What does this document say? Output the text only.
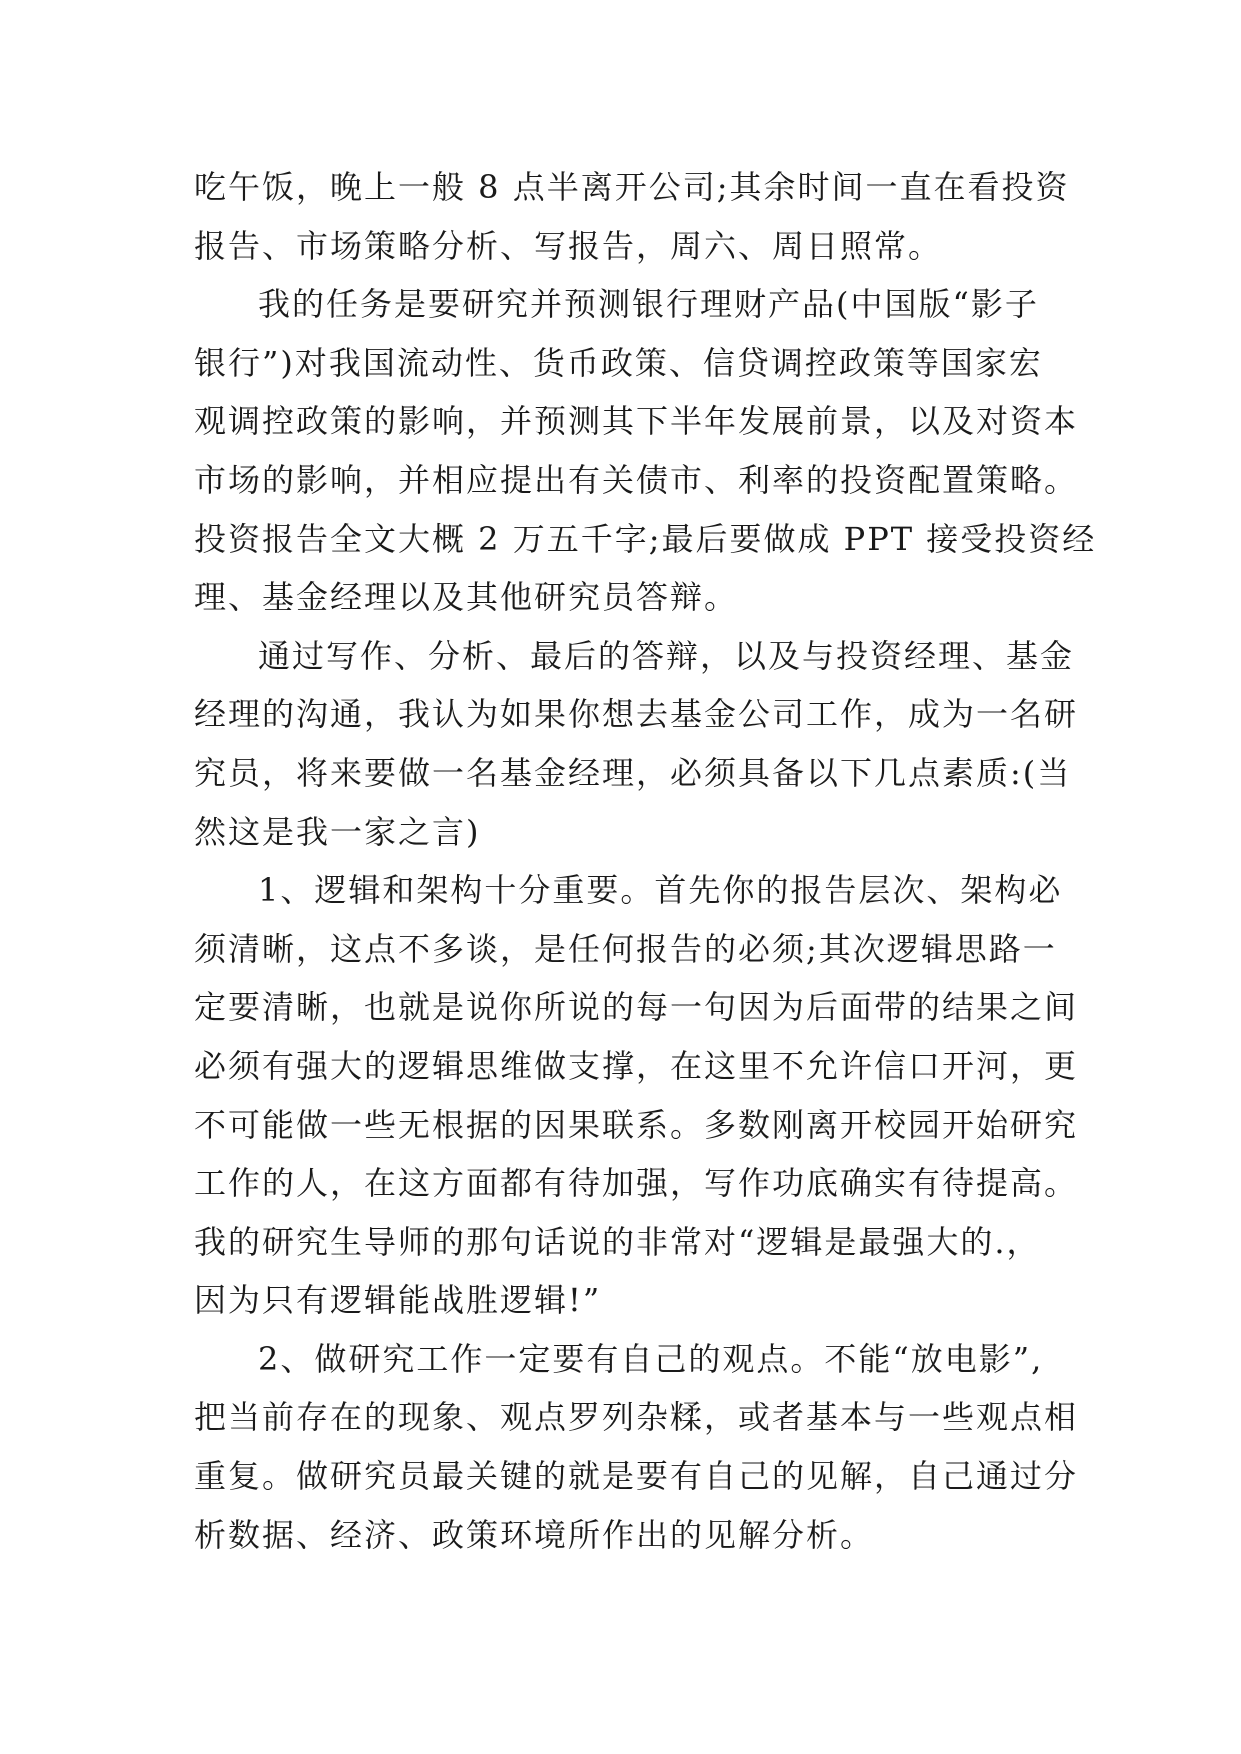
吃午饭，晚上一般 8 点半离开公司;其余时间一直在看投资
报告、市场策略分析、写报告，周六、周日照常。
我的任务是要研究并预测银行理财产品(中国版“影子
银行”)对我国流动性、货币政策、信贷调控政策等国家宏
观调控政策的影响，并预测其下半年发展前景，以及对资本
市场的影响，并相应提出有关债市、利率的投资配置策略。
投资报告全文大概 2 万五千字;最后要做成 PPT 接受投资经
理、基金经理以及其他研究员答辩。
通过写作、分析、最后的答辩，以及与投资经理、基金
经理的沟通，我认为如果你想去基金公司工作，成为一名研
究员，将来要做一名基金经理，必须具备以下几点素质:(当
然这是我一家之言)
1、逻辑和架构十分重要。首先你的报告层次、架构必
须清晰，这点不多谈，是任何报告的必须;其次逻辑思路一
定要清晰，也就是说你所说的每一句因为后面带的结果之间
必须有强大的逻辑思维做支撑，在这里不允许信口开河，更
不可能做一些无根据的因果联系。多数刚离开校园开始研究
工作的人，在这方面都有待加强，写作功底确实有待提高。
我的研究生导师的那句话说的非常对“逻辑是最强大的.，
因为只有逻辑能战胜逻辑!”
2、做研究工作一定要有自己的观点。不能“放电影”,
把当前存在的现象、观点罗列杂糅，或者基本与一些观点相
重复。做研究员最关键的就是要有自己的见解，自己通过分
析数据、经济、政策环境所作出的见解分析。
